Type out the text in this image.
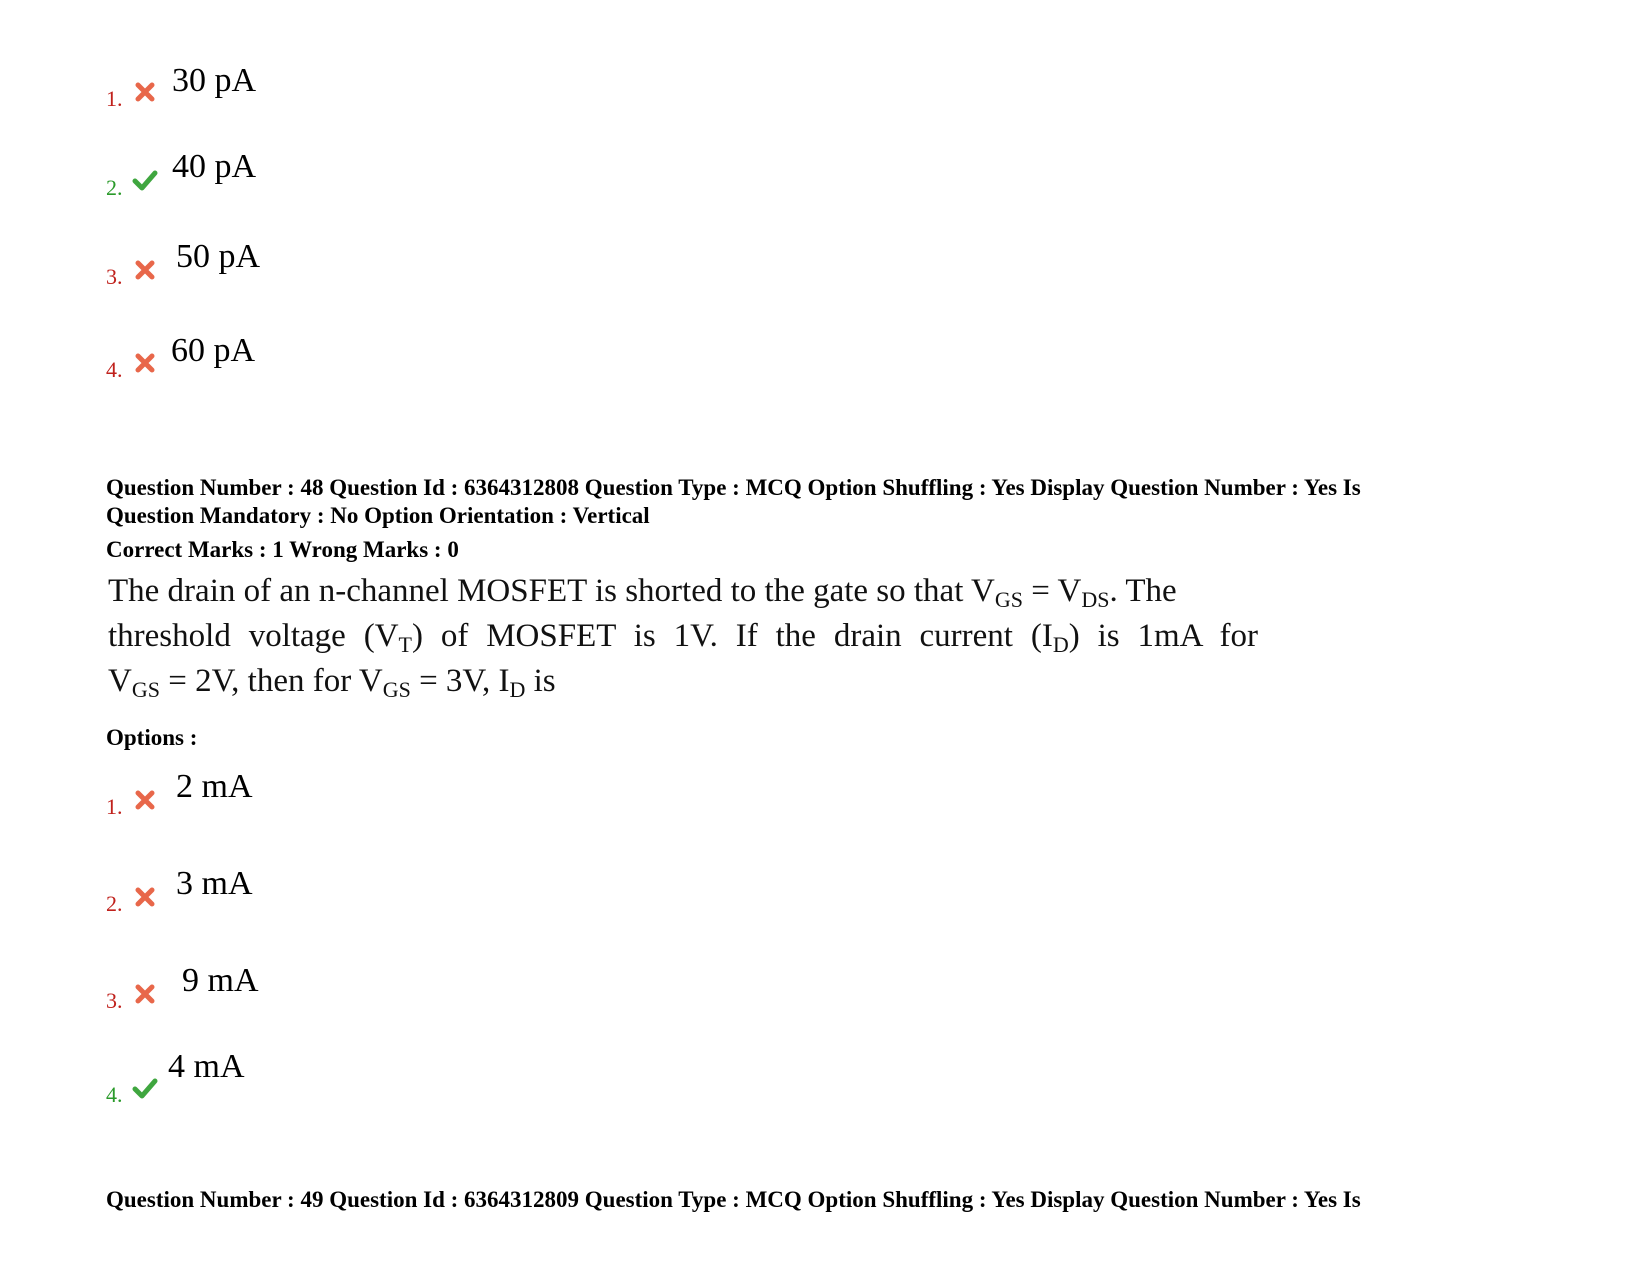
1. 30 pA
2.
40 pA
3.
50 pA
4.
60 pA
Question Number : 48 Question Id : 6364312808 Question Type : MCQ Option Shuffling : Yes Display Question Number : Yes Is
Question Mandatory : No Option Orientation : Vertical
Correct Marks : 1 Wrong Marks : 0
The drain of an n-channel MOSFET is shorted to the gate so that $V_{GS} = V_{DS}$. The
threshold voltage $(V_T)$ of MOSFET is 1V. If the drain current $(I_D)$ is 1mA for
$V_{GS} = 2V$, then for $V_{GS} = 3V$, $I_D$ is
Options :
1.
2 mA
2.
3 mA
3.
9 mA
4.
4 mA
Question Number : 49 Question Id : 6364312809 Question Type : MCQ Option Shuffling : Yes Display Question Number : Yes Is
